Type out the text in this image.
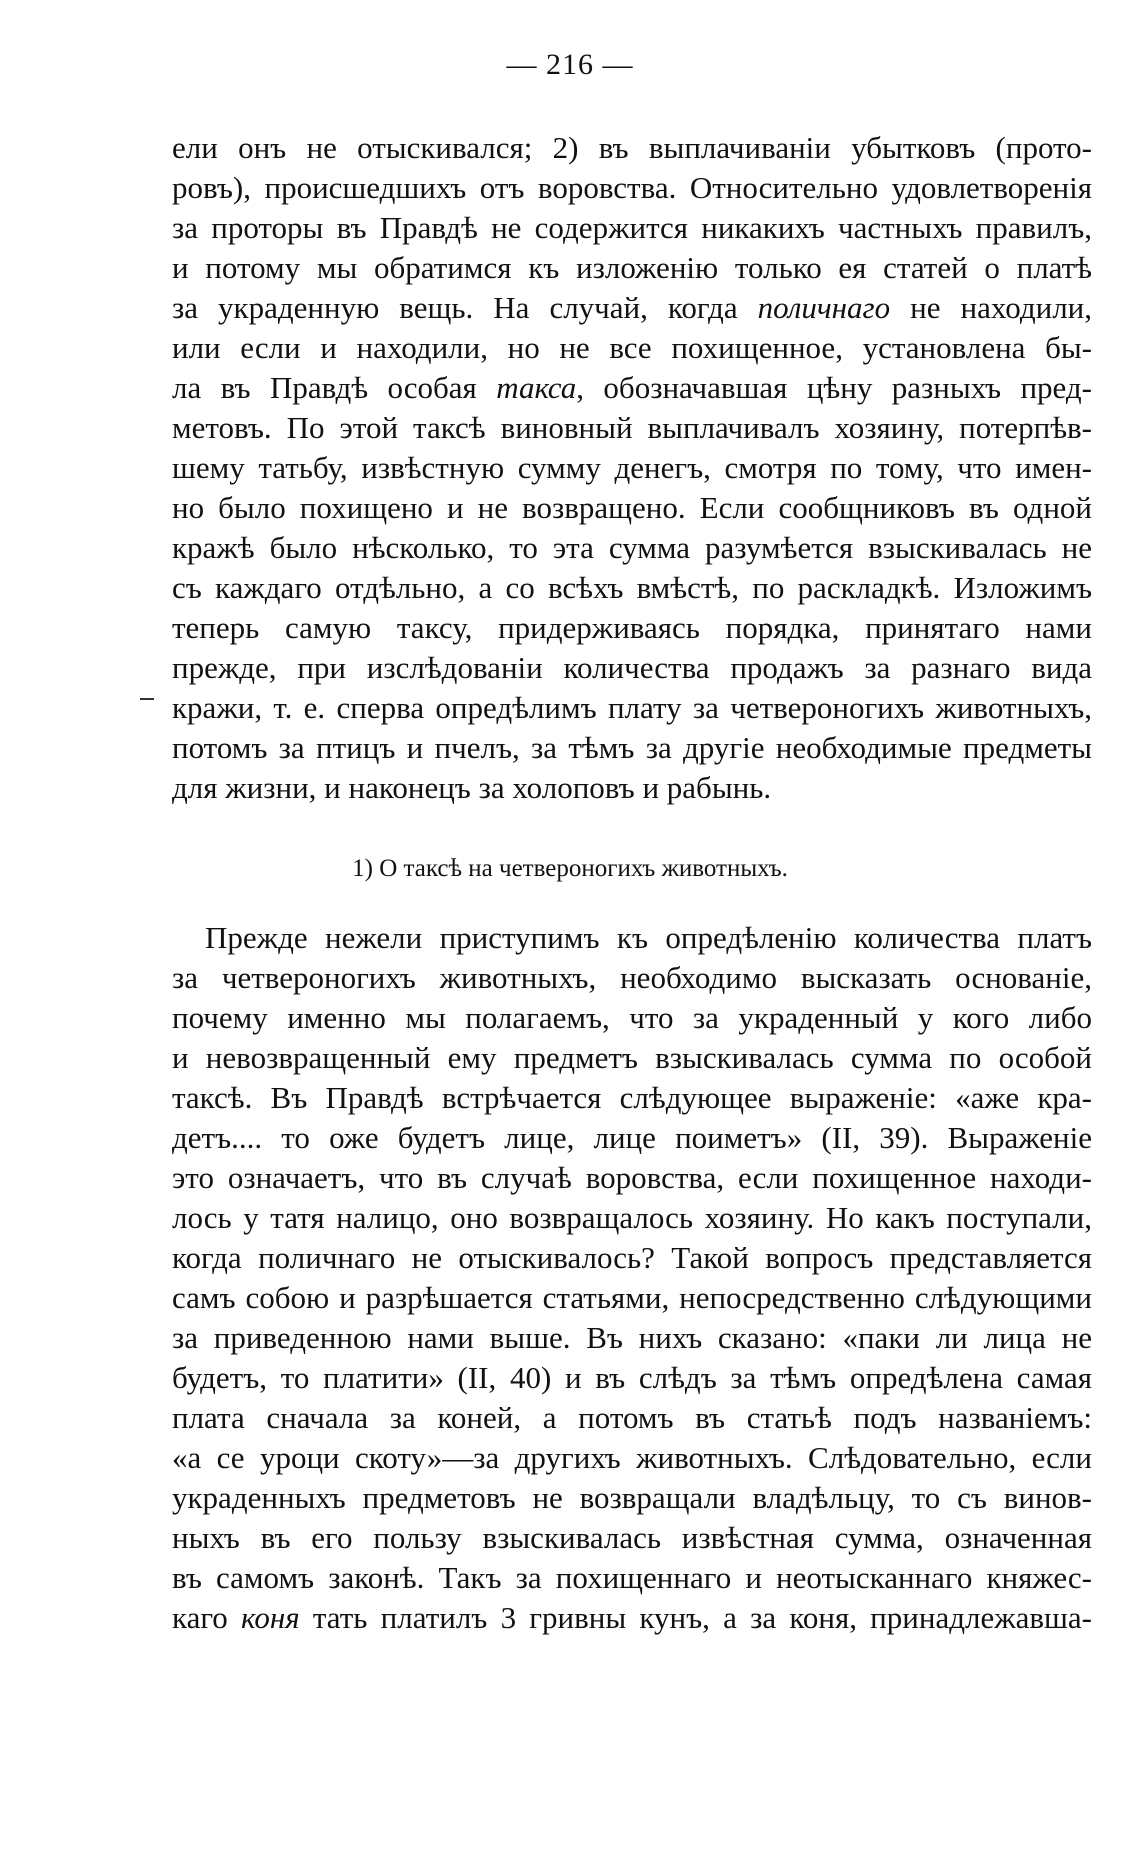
— 216 —
ели онъ не отыскивался; 2) въ выплачиваніи убытковъ (прото-
ровъ), происшедшихъ отъ воровства. Относительно удовлетворенія
за проторы въ Правдѣ не содержится никакихъ частныхъ правилъ,
и потому мы обратимся къ изложенію только ея статей о платѣ
за украденную вещь. На случай, когда поличнаго не находили,
или если и находили, но не все похищенное, установлена бы-
ла въ Правдѣ особая такса, обозначавшая цѣну разныхъ пред-
метовъ. По этой таксѣ виновный выплачивалъ хозяину, потерпѣв-
шему татьбу, извѣстную сумму денегъ, смотря по тому, что имен-
но было похищено и не возвращено. Если сообщниковъ въ одной
кражѣ было нѣсколько, то эта сумма разумѣется взыскивалась не
съ каждаго отдѣльно, а со всѣхъ вмѣстѣ, по раскладкѣ. Изложимъ
теперь самую таксу, придерживаясь порядка, принятаго нами
прежде, при изслѣдованіи количества продажъ за разнаго вида
кражи, т. е. сперва опредѣлимъ плату за четвероногихъ животныхъ,
потомъ за птицъ и пчелъ, за тѣмъ за другіе необходимые предметы
для жизни, и наконецъ за холоповъ и рабынь.
1) О таксѣ на четвероногихъ животныхъ.
Прежде нежели приступимъ къ опредѣленію количества платъ
за четвероногихъ животныхъ, необходимо высказать основаніе,
почему именно мы полагаемъ, что за украденный у кого либо
и невозвращенный ему предметъ взыскивалась сумма по особой
таксѣ. Въ Правдѣ встрѣчается слѣдующее выраженіе: «аже кра-
детъ.... то оже будетъ лице, лице поиметъ» (II, 39). Выраженіе
это означаетъ, что въ случаѣ воровства, если похищенное находи-
лось у татя налицо, оно возвращалось хозяину. Но какъ поступали,
когда поличнаго не отыскивалось? Такой вопросъ представляется
самъ собою и разрѣшается статьями, непосредственно слѣдующими
за приведенною нами выше. Въ нихъ сказано: «паки ли лица не
будетъ, то платити» (II, 40) и въ слѣдъ за тѣмъ опредѣлена самая
плата сначала за коней, а потомъ въ статьѣ подъ названіемъ:
«а се уроци скоту»—за другихъ животныхъ. Слѣдовательно, если
украденныхъ предметовъ не возвращали владѣльцу, то съ винов-
ныхъ въ его пользу взыскивалась извѣстная сумма, означенная
въ самомъ законѣ. Такъ за похищеннаго и неотысканнаго княжес-
каго коня тать платилъ 3 гривны кунъ, а за коня, принадлежавша-
